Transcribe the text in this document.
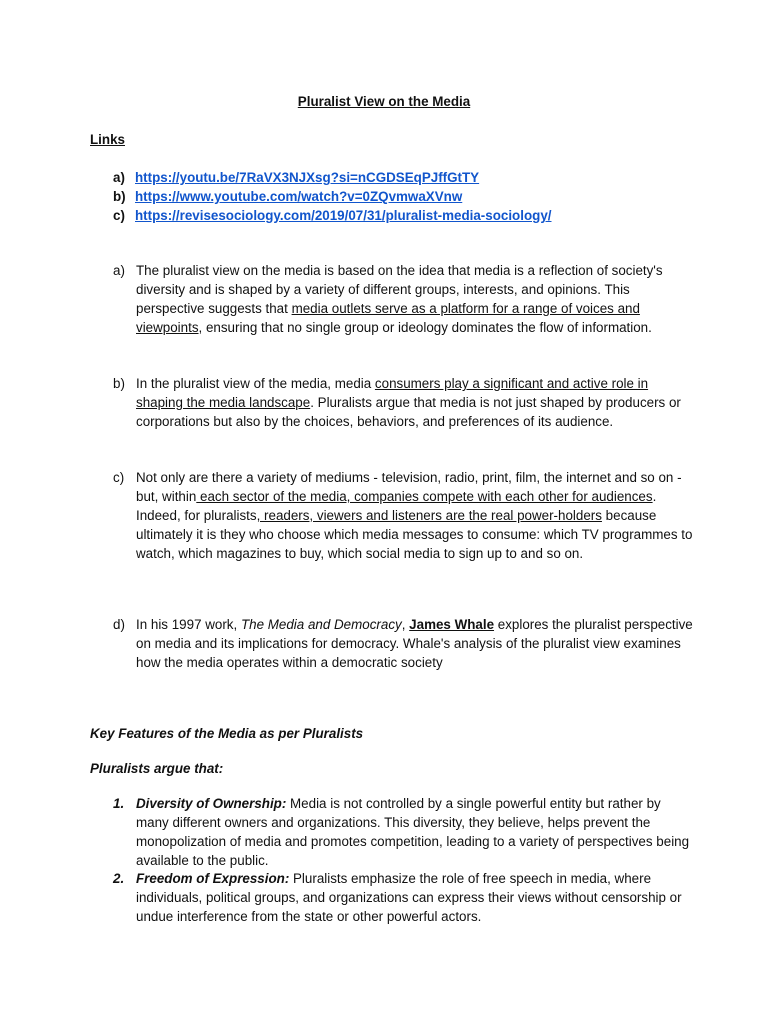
Pluralist View on the Media
Links
a) https://youtu.be/7RaVX3NJXsg?si=nCGDSEqPJffGtTY
b) https://www.youtube.com/watch?v=0ZQvmwaXVnw
c) https://revisesociology.com/2019/07/31/pluralist-media-sociology/
a) The pluralist view on the media is based on the idea that media is a reflection of society's diversity and is shaped by a variety of different groups, interests, and opinions. This perspective suggests that media outlets serve as a platform for a range of voices and viewpoints, ensuring that no single group or ideology dominates the flow of information.
b) In the pluralist view of the media, media consumers play a significant and active role in shaping the media landscape. Pluralists argue that media is not just shaped by producers or corporations but also by the choices, behaviors, and preferences of its audience.
c) Not only are there a variety of mediums - television, radio, print, film, the internet and so on - but, within each sector of the media, companies compete with each other for audiences. Indeed, for pluralists, readers, viewers and listeners are the real power-holders because ultimately it is they who choose which media messages to consume: which TV programmes to watch, which magazines to buy, which social media to sign up to and so on.
d) In his 1997 work, The Media and Democracy, James Whale explores the pluralist perspective on media and its implications for democracy. Whale's analysis of the pluralist view examines how the media operates within a democratic society
Key Features of the Media as per Pluralists
Pluralists argue that:
1. Diversity of Ownership: Media is not controlled by a single powerful entity but rather by many different owners and organizations. This diversity, they believe, helps prevent the monopolization of media and promotes competition, leading to a variety of perspectives being available to the public.
2. Freedom of Expression: Pluralists emphasize the role of free speech in media, where individuals, political groups, and organizations can express their views without censorship or undue interference from the state or other powerful actors.
